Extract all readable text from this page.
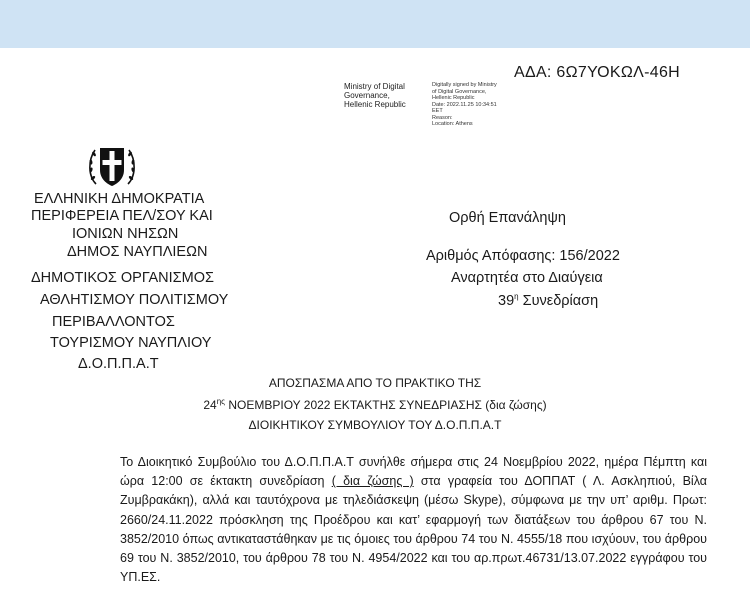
ΑΔΑ: 6Ω7ΥΟΚΩΛ-46Η
Ministry of Digital
Governance,
Hellenic Republic
Digitally signed by Ministry
of Digital Governance,
Hellenic Republic
Date: 2022.11.25 10:34:51
EET
Reason:
Location: Athens
ΕΛΛΗΝΙΚΗ ΔΗΜΟΚΡΑΤΙΑ
ΠΕΡΙΦΕΡΕΙΑ ΠΕΛ/ΣΟΥ ΚΑΙ
ΙΟΝΙΩΝ ΝΗΣΩΝ
ΔΗΜΟΣ ΝΑΥΠΛΙΕΩΝ
ΔΗΜΟΤΙΚΟΣ ΟΡΓΑΝΙΣΜΟΣ
ΑΘΛΗΤΙΣΜΟΥ ΠΟΛΙΤΙΣΜΟΥ
ΠΕΡΙΒΑΛΛΟΝΤΟΣ
ΤΟΥΡΙΣΜΟΥ ΝΑΥΠΛΙΟΥ
Δ.Ο.Π.Π.Α.Τ
Ορθή Επανάληψη
Αριθμός Απόφασης: 156/2022
Αναρτητέα στο Διαύγεια
$39^\eta$ Συνεδρίαση
ΑΠΟΣΠΑΣΜΑ ΑΠΟ ΤΟ ΠΡΑΚΤΙΚΟ ΤΗΣ
$24^{\eta\varsigma}$ ΝΟΕΜΒΡΙΟΥ 2022 ΕΚΤΑΚΤΗΣ ΣΥΝΕΔΡΙΑΣΗΣ (δια ζώσης)
ΔΙΟΙΚΗΤΙΚΟΥ ΣΥΜΒΟΥΛΙΟΥ ΤΟΥ Δ.Ο.Π.Π.Α.Τ
Το Διοικητικό Συμβούλιο του Δ.Ο.Π.Π.Α.Τ συνήλθε σήμερα στις 24 Νοεμβρίου 2022, ημέρα Πέμπτη και ώρα 12:00 σε έκτακτη συνεδρίαση ( δια ζώσης ) στα γραφεία του ΔΟΠΠΑΤ ( Λ. Ασκληπιού, Βίλα Ζυμβρακάκη), αλλά και ταυτόχρονα με τηλεδιάσκεψη (μέσω Skype), σύμφωνα με την υπ’ αριθμ. Πρωτ: 2660/24.11.2022 πρόσκληση της Προέδρου και κατ’ εφαρμογή των διατάξεων του άρθρου 67 του Ν. 3852/2010 όπως αντικαταστάθηκαν με τις όμοιες του άρθρου 74 του Ν. 4555/18 που ισχύουν, του άρθρου 69 του Ν. 3852/2010, του άρθρου 78 του Ν. 4954/2022 και του αρ.πρωτ.46731/13.07.2022 εγγράφου του ΥΠ.ΕΣ.
